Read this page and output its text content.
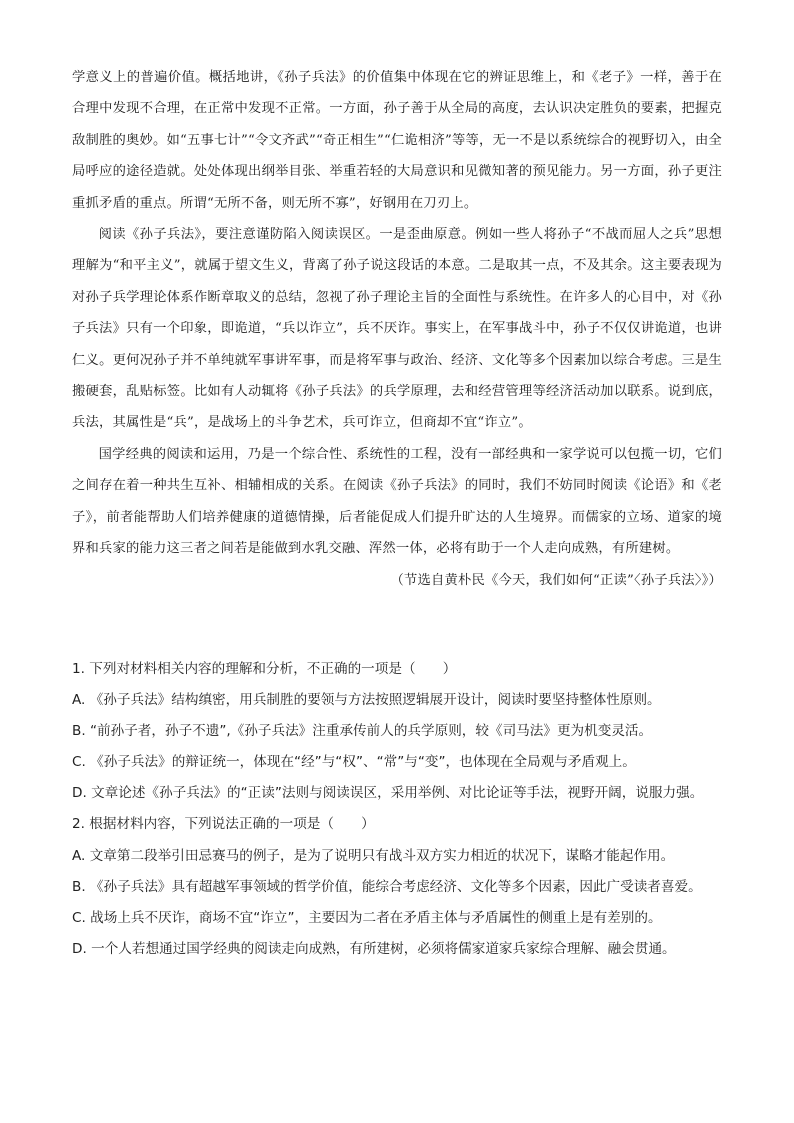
学意义上的普遍价值。概括地讲，《孙子兵法》的价值集中体现在它的辨证思维上，和《老子》一样，善于在合理中发现不合理，在正常中发现不正常。一方面，孙子善于从全局的高度，去认识决定胜负的要素，把握克敌制胜的奥妙。如“五事七计”“令文齐武”“奇正相生”“仁诡相济”等等，无一不是以系统综合的视野切入，由全局呼应的途径造就。处处体现出纲举目张、举重若轻的大局意识和见微知著的预见能力。另一方面，孙子更注重抓矛盾的重点。所谓“无所不备，则无所不寡”，好钢用在刀刃上。

阅读《孙子兵法》，要注意谨防陷入阅读误区。一是歪曲原意。例如一些人将孙子“不战而屈人之兵”思想理解为“和平主义”，就属于望文生义，背离了孙子说这段话的本意。二是取其一点，不及其余。这主要表现为对孙子兵学理论体系作断章取义的总结，忽视了孙子理论主旨的全面性与系统性。在许多人的心目中，对《孙子兵法》只有一个印象，即诡道，“兵以诈立”，兵不厌诈。事实上，在军事战斗中，孙子不仅仅讲诡道，也讲仁义。更何况孙子并不单纯就军事讲军事，而是将军事与政治、经济、文化等多个因素加以综合考虑。三是生搬硬套，乱贴标签。比如有人动辄将《孙子兵法》的兵学原理，去和经营管理等经济活动加以联系。说到底，兵法，其属性是“兵”，是战场上的斗争艺术，兵可诈立，但商却不宜“诈立”。

国学经典的阅读和运用，乃是一个综合性、系统性的工程，没有一部经典和一家学说可以包揽一切，它们之间存在着一种共生互补、相辅相成的关系。在阅读《孙子兵法》的同时，我们不妨同时阅读《论语》和《老子》，前者能帮助人们培养健康的道德情操，后者能促成人们提升旷达的人生境界。而儒家的立场、道家的境界和兵家的能力这三者之间若是能做到水乳交融、浑然一体，必将有助于一个人走向成熟，有所建树。

（节选自黄朴民《今天，我们如何“正读”〈孙子兵法〉》）

1. 下列对材料相关内容的理解和分析，不正确的一项是（　　）

A. 《孙子兵法》结构缜密，用兵制胜的要领与方法按照逻辑展开设计，阅读时要坚持整体性原则。

B. “前孙子者，孙子不遗”,《孙子兵法》注重承传前人的兵学原则，较《司马法》更为机变灵活。

C. 《孙子兵法》的辩证统一，体现在“经”与“权”、“常”与“变”，也体现在全局观与矛盾观上。

D. 文章论述《孙子兵法》的“正读”法则与阅读误区，采用举例、对比论证等手法，视野开阔，说服力强。

2. 根据材料内容，下列说法正确的一项是（　　）

A. 文章第二段举引田忌赛马的例子，是为了说明只有战斗双方实力相近的状况下，谋略才能起作用。

B. 《孙子兵法》具有超越军事领域的哲学价值，能综合考虑经济、文化等多个因素，因此广受读者喜爱。

C. 战场上兵不厌诈，商场不宜“诈立”，主要因为二者在矛盾主体与矛盾属性的侧重上是有差别的。

D. 一个人若想通过国学经典的阅读走向成熟，有所建树，必须将儒家道家兵家综合理解、融会贯通。
